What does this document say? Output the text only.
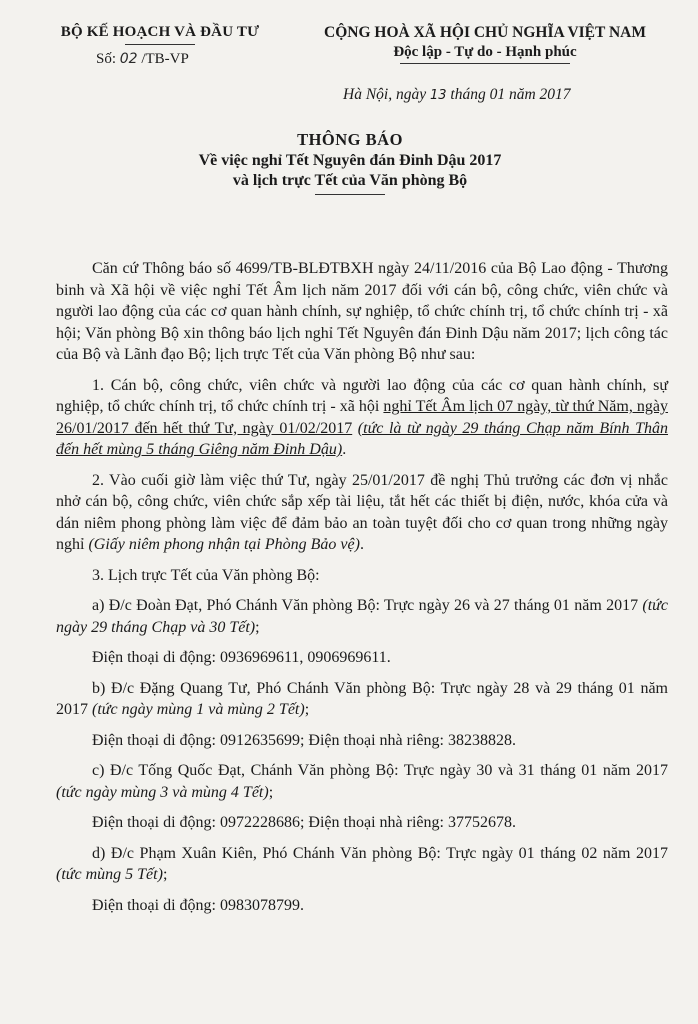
BỘ KẾ HOẠCH VÀ ĐẦU TƯ
Số: 02 /TB-VP
CỘNG HOÀ XÃ HỘI CHỦ NGHĨA VIỆT NAM
Độc lập - Tự do - Hạnh phúc
Hà Nội, ngày 13 tháng 01 năm 2017
THÔNG BÁO
Về việc nghỉ Tết Nguyên đán Đinh Dậu 2017
và lịch trực Tết của Văn phòng Bộ

Căn cứ Thông báo số 4699/TB-BLĐTBXH ngày 24/11/2016 của Bộ Lao động - Thương binh và Xã hội về việc nghỉ Tết Âm lịch năm 2017 đối với cán bộ, công chức, viên chức và người lao động của các cơ quan hành chính, sự nghiệp, tổ chức chính trị, tổ chức chính trị - xã hội; Văn phòng Bộ xin thông báo lịch nghỉ Tết Nguyên đán Đinh Dậu năm 2017; lịch công tác của Bộ và Lãnh đạo Bộ; lịch trực Tết của Văn phòng Bộ như sau:

1. Cán bộ, công chức, viên chức và người lao động của các cơ quan hành chính, sự nghiệp, tổ chức chính trị, tổ chức chính trị - xã hội nghỉ Tết Âm lịch 07 ngày, từ thứ Năm, ngày 26/01/2017 đến hết thứ Tư, ngày 01/02/2017 (tức là từ ngày 29 tháng Chạp năm Bính Thân đến hết mùng 5 tháng Giêng năm Đinh Dậu).

2. Vào cuối giờ làm việc thứ Tư, ngày 25/01/2017 đề nghị Thủ trưởng các đơn vị nhắc nhở cán bộ, công chức, viên chức sắp xếp tài liệu, tắt hết các thiết bị điện, nước, khóa cửa và dán niêm phong phòng làm việc để đảm bảo an toàn tuyệt đối cho cơ quan trong những ngày nghỉ (Giấy niêm phong nhận tại Phòng Bảo vệ).

3. Lịch trực Tết của Văn phòng Bộ:

a) Đ/c Đoàn Đạt, Phó Chánh Văn phòng Bộ: Trực ngày 26 và 27 tháng 01 năm 2017 (tức ngày 29 tháng Chạp và 30 Tết);

Điện thoại di động: 0936969611, 0906969611.

b) Đ/c Đặng Quang Tư, Phó Chánh Văn phòng Bộ: Trực ngày 28 và 29 tháng 01 năm 2017 (tức ngày mùng 1 và mùng 2 Tết);

Điện thoại di động: 0912635699; Điện thoại nhà riêng: 38238828.

c) Đ/c Tống Quốc Đạt, Chánh Văn phòng Bộ: Trực ngày 30 và 31 tháng 01 năm 2017 (tức ngày mùng 3 và mùng 4 Tết);

Điện thoại di động: 0972228686; Điện thoại nhà riêng: 37752678.

d) Đ/c Phạm Xuân Kiên, Phó Chánh Văn phòng Bộ: Trực ngày 01 tháng 02 năm 2017 (tức mùng 5 Tết);

Điện thoại di động: 0983078799.
